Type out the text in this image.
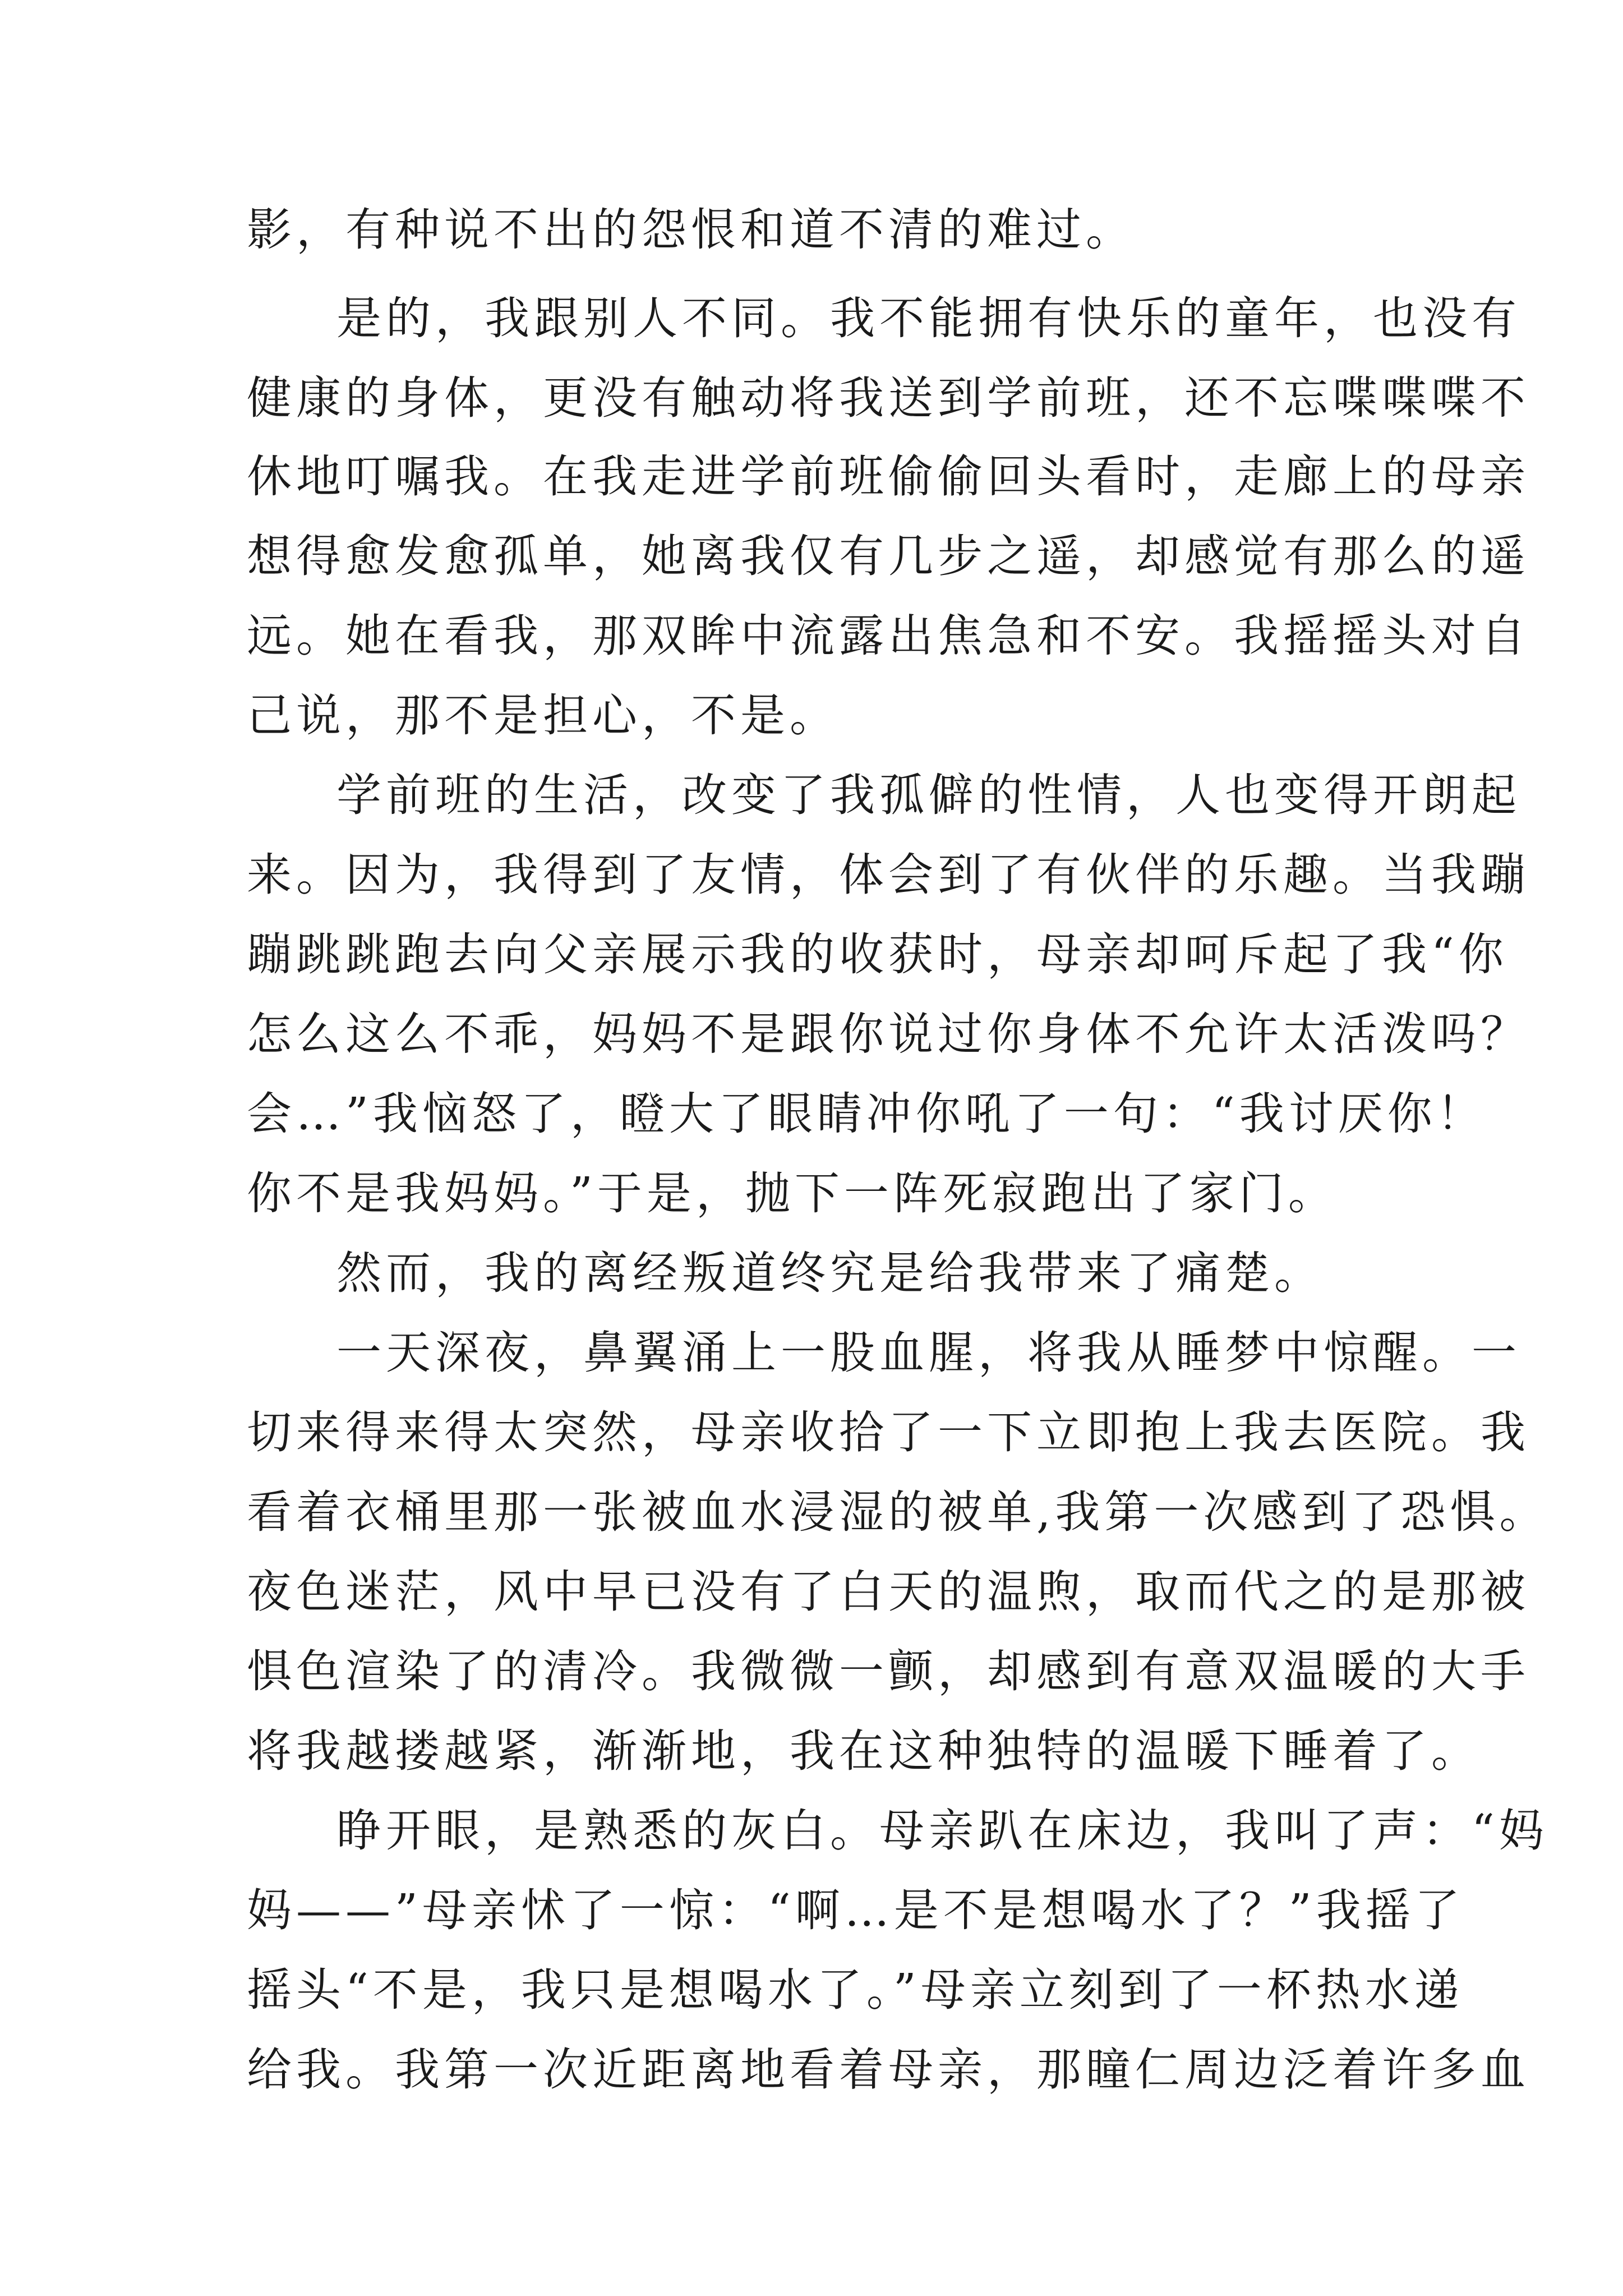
影，有种说不出的怨恨和道不清的难过。
是的，我跟别人不同。我不能拥有快乐的童年，也没有
健康的身体，更没有触动将我送到学前班，还不忘喋喋喋不
休地叮嘱我。在我走进学前班偷偷回头看时，走廊上的母亲
想得愈发愈孤单，她离我仅有几步之遥，却感觉有那么的遥
远。她在看我，那双眸中流露出焦急和不安。我摇摇头对自
己说，那不是担心，不是。
学前班的生活，改变了我孤僻的性情，人也变得开朗起
来。因为，我得到了友情，体会到了有伙伴的乐趣。当我蹦
蹦跳跳跑去向父亲展示我的收获时，母亲却呵斥起了我“你
怎么这么不乖，妈妈不是跟你说过你身体不允许太活泼吗？
会…”我恼怒了，瞪大了眼睛冲你吼了一句：“我讨厌你！
你不是我妈妈。”于是，抛下一阵死寂跑出了家门。
然而，我的离经叛道终究是给我带来了痛楚。
一天深夜，鼻翼涌上一股血腥，将我从睡梦中惊醒。一
切来得来得太突然，母亲收拾了一下立即抱上我去医院。我
看着衣桶里那一张被血水浸湿的被单,我第一次感到了恐惧。
夜色迷茫，风中早已没有了白天的温煦，取而代之的是那被
惧色渲染了的清冷。我微微一颤，却感到有意双温暖的大手
将我越搂越紧，渐渐地，我在这种独特的温暖下睡着了。
睁开眼，是熟悉的灰白。母亲趴在床边，我叫了声：“妈
妈——”母亲怵了一惊：“啊…是不是想喝水了？”我摇了
摇头“不是，我只是想喝水了。”母亲立刻到了一杯热水递
给我。我第一次近距离地看着母亲，那瞳仁周边泛着许多血
